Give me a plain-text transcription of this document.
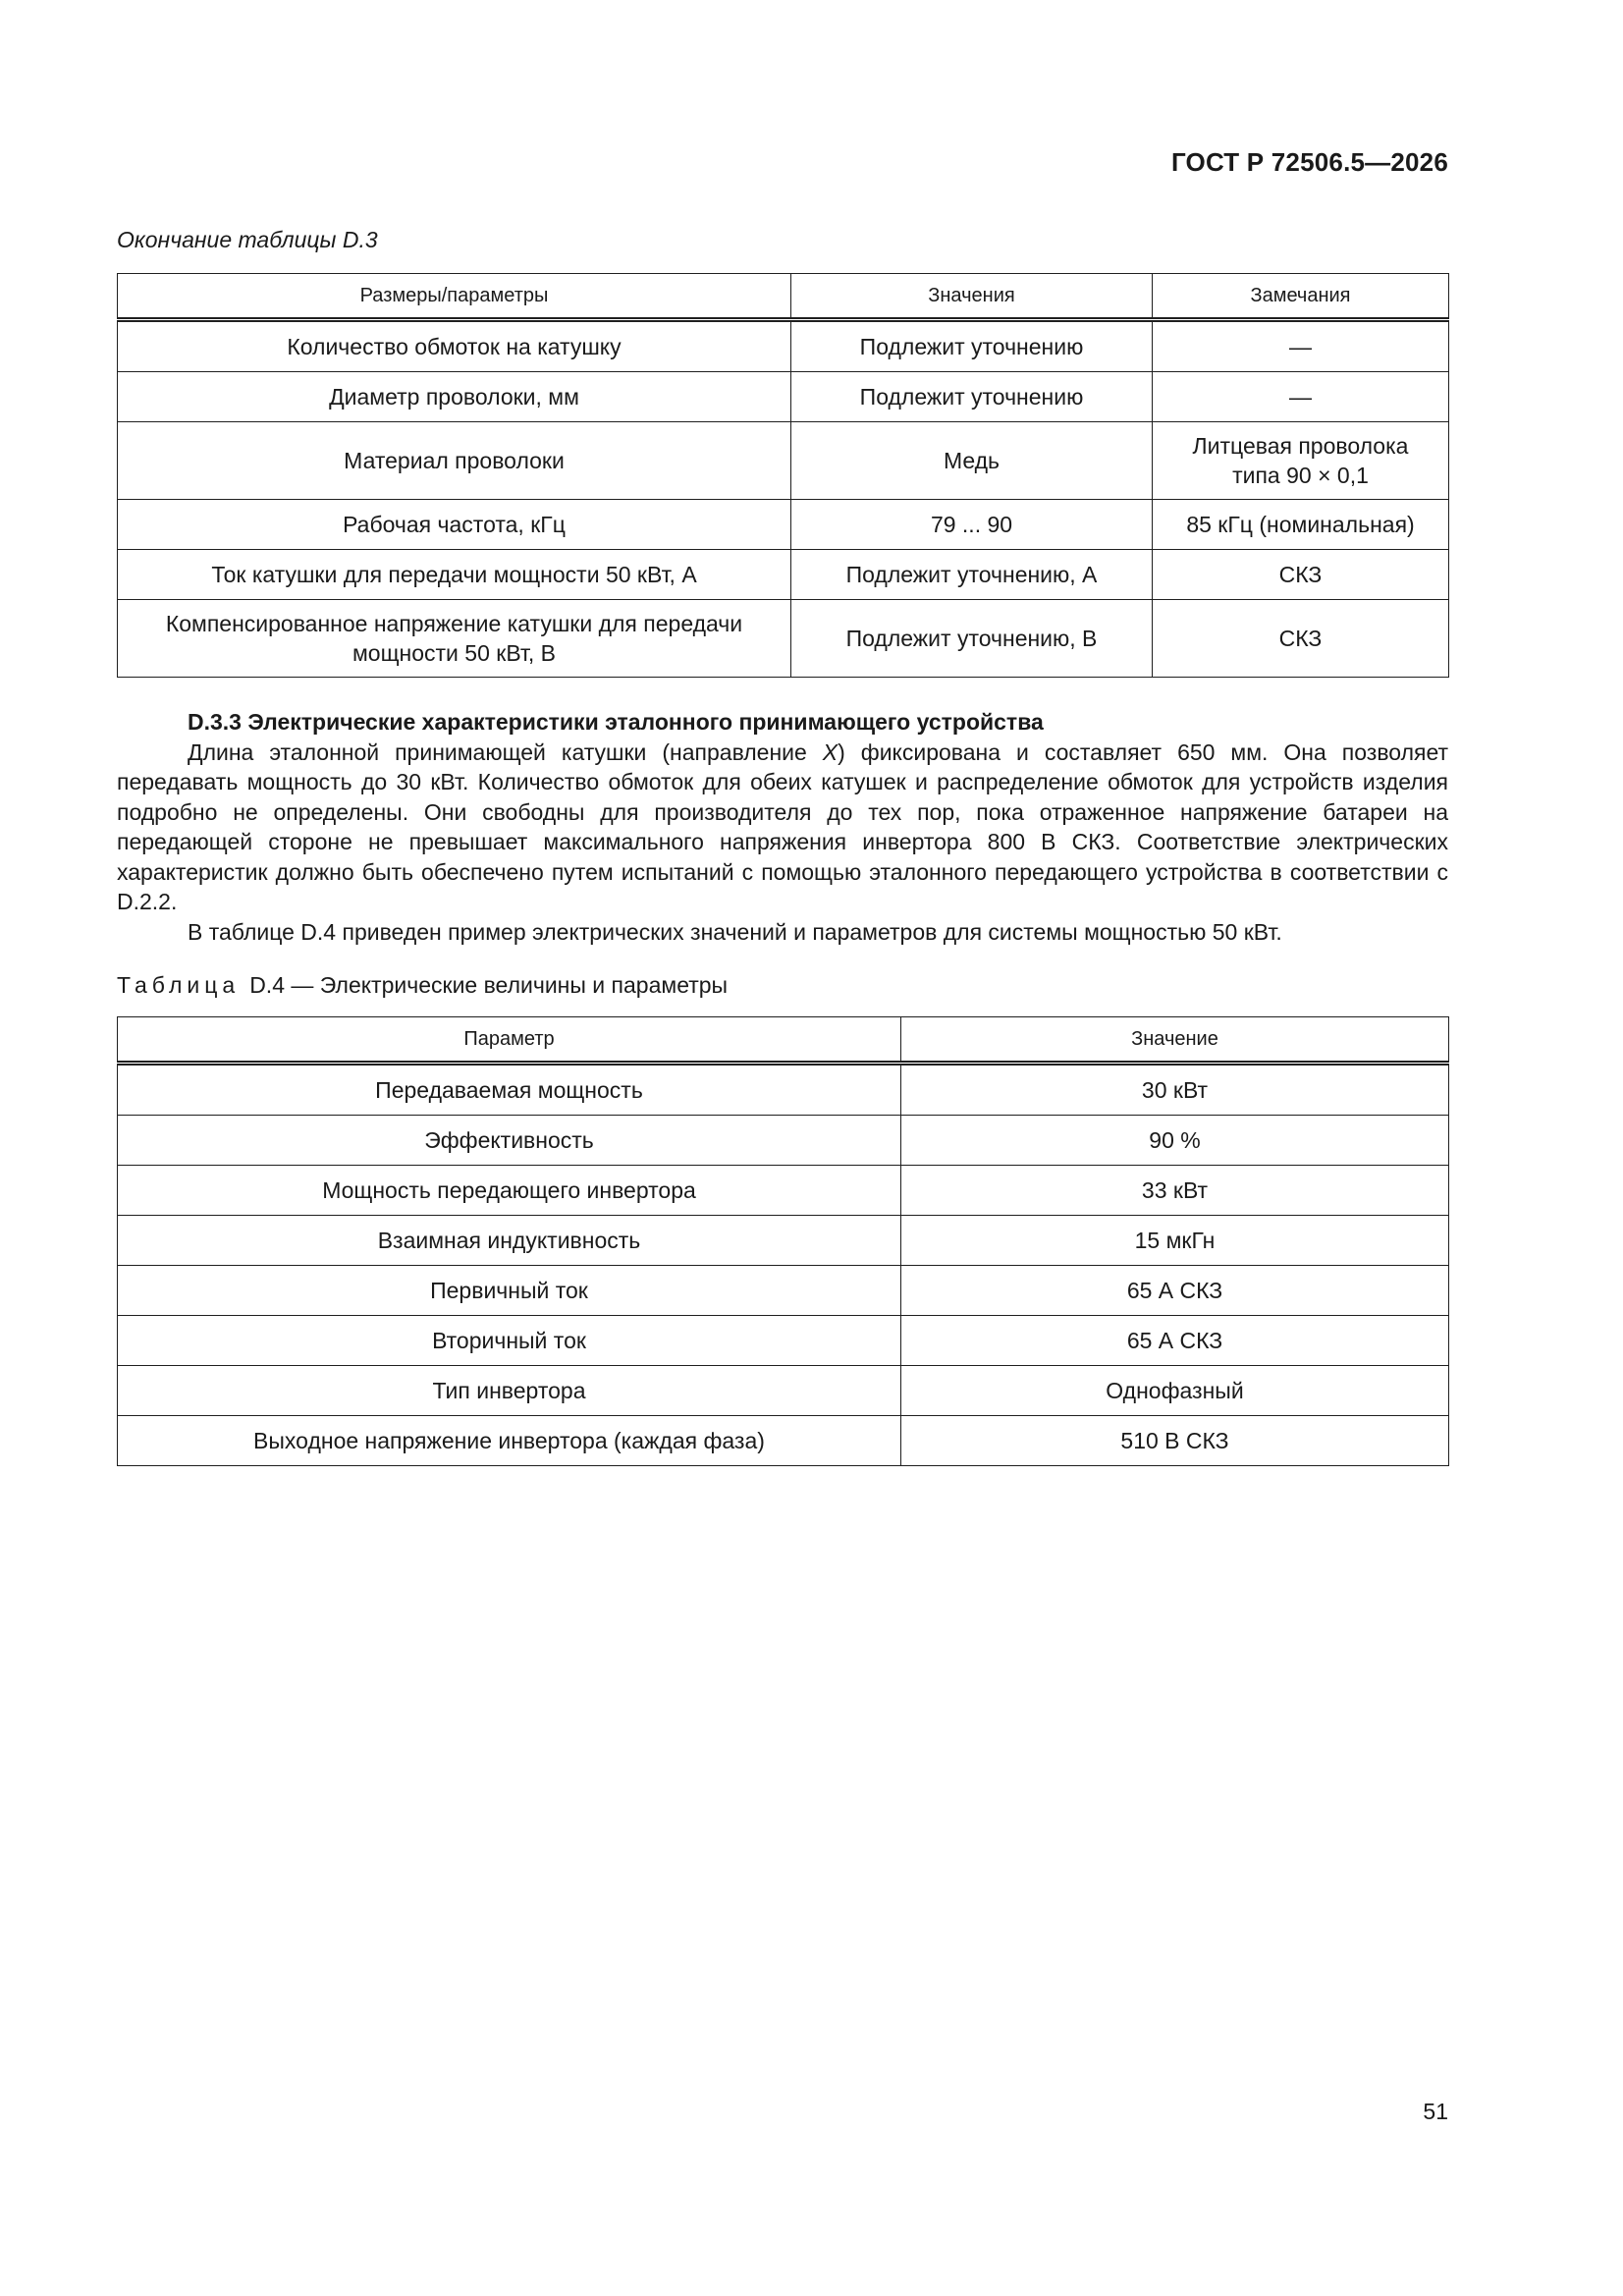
ГОСТ Р 72506.5—2026
Окончание таблицы D.3
Размеры/параметры	Значения	Замечания
Количество обмоток на катушку	Подлежит уточнению	—
Диаметр проволоки, мм	Подлежит уточнению	—
Материал проволоки	Медь	Литцевая проволока
типа 90 × 0,1
Рабочая частота, кГц	79 ... 90	85 кГц (номинальная)
Ток катушки для передачи мощности 50 кВт, А	Подлежит уточнению, А	СКЗ
Компенсированное напряжение катушки для передачи
мощности 50 кВт, В	Подлежит уточнению, В	СКЗ

D.3.3 Электрические характеристики эталонного принимающего устройства

Длина эталонной принимающей катушки (направление X) фиксирована и составляет 650 мм. Она позволяет передавать мощность до 30 кВт. Количество обмоток для обеих катушек и распределение обмоток для устройств изделия подробно не определены. Они свободны для производителя до тех пор, пока отраженное напряжение батареи на передающей стороне не превышает максимального напряжения инвертора 800 В СКЗ. Соответствие электрических характеристик должно быть обеспечено путем испытаний с помощью эталонного передающего устройства в соответствии с D.2.2.

В таблице D.4 приведен пример электрических значений и параметров для системы мощностью 50 кВт.

Таблица D.4 — Электрические величины и параметры
Параметр	Значение
Передаваемая мощность	30 кВт
Эффективность	90 %
Мощность передающего инвертора	33 кВт
Взаимная индуктивность	15 мкГн
Первичный ток	65 А СКЗ
Вторичный ток	65 А СКЗ
Тип инвертора	Однофазный
Выходное напряжение инвертора (каждая фаза)	510 В СКЗ
51
